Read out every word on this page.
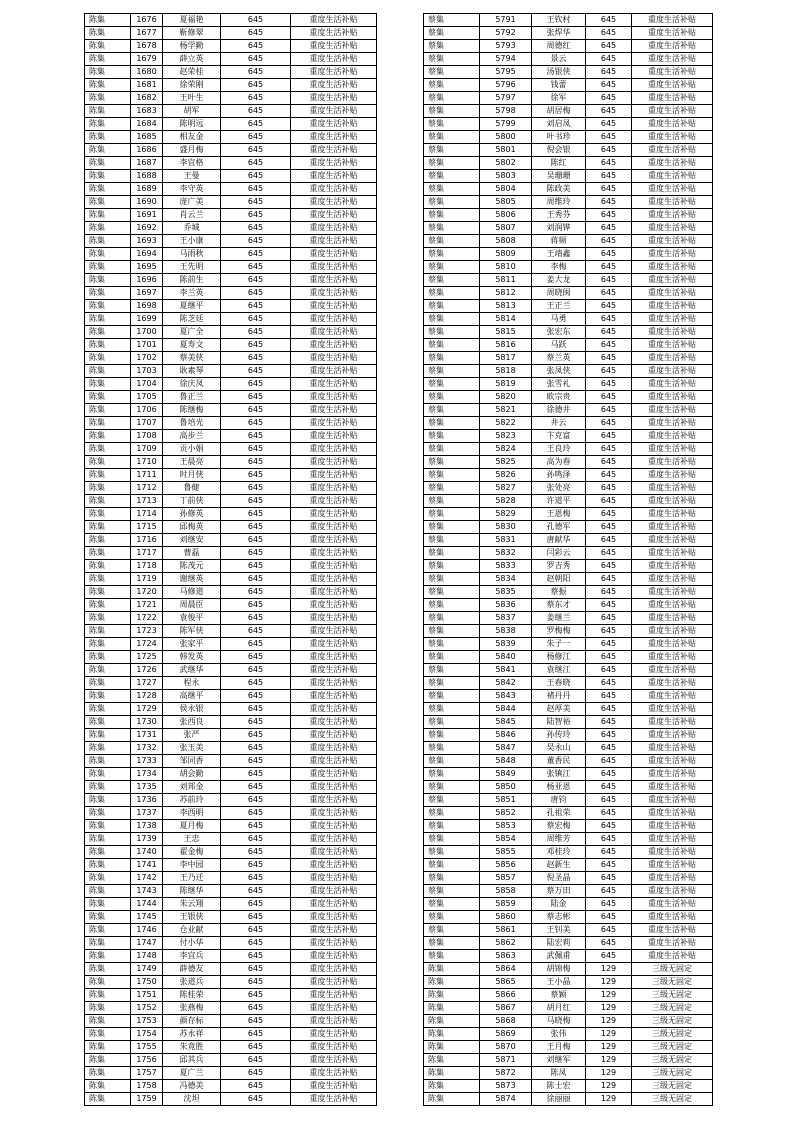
陈集	1676	夏福艳	645	重度生活补贴
陈集	1677	靳修翠	645	重度生活补贴
陈集	1678	杨学勤	645	重度生活补贴
陈集	1679	薛立英	645	重度生活补贴
陈集	1680	赵荣桂	645	重度生活补贴
陈集	1681	徐荣刚	645	重度生活补贴
陈集	1682	王叶生	645	重度生活补贴
陈集	1683	胡军	645	重度生活补贴
陈集	1684	陈明远	645	重度生活补贴
陈集	1685	相友金	645	重度生活补贴
陈集	1686	盛月梅	645	重度生活补贴
陈集	1687	李宜格	645	重度生活补贴
陈集	1688	王曼	645	重度生活补贴
陈集	1689	李守英	645	重度生活补贴
陈集	1690	庞广美	645	重度生活补贴
陈集	1691	肖云兰	645	重度生活补贴
陈集	1692	乔城	645	重度生活补贴
陈集	1693	王小康	645	重度生活补贴
陈集	1694	马雨秋	645	重度生活补贴
陈集	1695	王先明	645	重度生活补贴
陈集	1696	陈前生	645	重度生活补贴
陈集	1697	李兰英	645	重度生活补贴
陈集	1698	夏继平	645	重度生活补贴
陈集	1699	陈芝廷	645	重度生活补贴
陈集	1700	夏广全	645	重度生活补贴
陈集	1701	夏寿文	645	重度生活补贴
陈集	1702	蔡美侠	645	重度生活补贴
陈集	1703	耿素琴	645	重度生活补贴
陈集	1704	徐庆凤	645	重度生活补贴
陈集	1705	鲁正兰	645	重度生活补贴
陈集	1706	陈继梅	645	重度生活补贴
陈集	1707	鲁培光	645	重度生活补贴
陈集	1708	高步兰	645	重度生活补贴
陈集	1709	贡小娟	645	重度生活补贴
陈集	1710	王晨亮	645	重度生活补贴
陈集	1711	时月侠	645	重度生活补贴
陈集	1712	鲁健	645	重度生活补贴
陈集	1713	丁前侠	645	重度生活补贴
陈集	1714	孙修英	645	重度生活补贴
陈集	1715	邱梅英	645	重度生活补贴
陈集	1716	刘继安	645	重度生活补贴
陈集	1717	曹磊	645	重度生活补贴
陈集	1718	陈茂元	645	重度生活补贴
陈集	1719	谢继英	645	重度生活补贴
陈集	1720	马修道	645	重度生活补贴
陈集	1721	周晨臣	645	重度生活补贴
陈集	1722	袁俊平	645	重度生活补贴
陈集	1723	陈军侠	645	重度生活补贴
陈集	1724	张家平	645	重度生活补贴
陈集	1725	韩发英	645	重度生活补贴
陈集	1726	武继华	645	重度生活补贴
陈集	1727	程永	645	重度生活补贴
陈集	1728	高继平	645	重度生活补贴
陈集	1729	侯永银	645	重度生活补贴
陈集	1730	张西良	645	重度生活补贴
陈集	1731	张严	645	重度生活补贴
陈集	1732	张玉美	645	重度生活补贴
陈集	1733	邹同香	645	重度生活补贴
陈集	1734	胡会勤	645	重度生活补贴
陈集	1735	刘邦金	645	重度生活补贴
陈集	1736	苏前玲	645	重度生活补贴
陈集	1737	李西明	645	重度生活补贴
陈集	1738	夏月梅	645	重度生活补贴
陈集	1739	王忠	645	重度生活补贴
陈集	1740	翟金梅	645	重度生活补贴
陈集	1741	李中园	645	重度生活补贴
陈集	1742	王乃迁	645	重度生活补贴
陈集	1743	陈继华	645	重度生活补贴
陈集	1744	朱云翔	645	重度生活补贴
陈集	1745	王银侠	645	重度生活补贴
陈集	1746	仓业献	645	重度生活补贴
陈集	1747	付小华	645	重度生活补贴
陈集	1748	李宜兵	645	重度生活补贴
陈集	1749	薛德友	645	重度生活补贴
陈集	1750	张道兵	645	重度生活补贴
陈集	1751	陈桂荣	645	重度生活补贴
陈集	1752	张燕梅	645	重度生活补贴
陈集	1753	颜存标	645	重度生活补贴
陈集	1754	苏永祥	645	重度生活补贴
陈集	1755	朱竟胜	645	重度生活补贴
陈集	1756	邱其兵	645	重度生活补贴
陈集	1757	夏广兰	645	重度生活补贴
陈集	1758	冯德美	645	重度生活补贴
陈集	1759	沈坦	645	重度生活补贴
蔡集	5791	王钦村	645	重度生活补贴
蔡集	5792	张焊华	645	重度生活补贴
蔡集	5793	周德红	645	重度生活补贴
蔡集	5794	景云	645	重度生活补贴
蔡集	5795	汤银侠	645	重度生活补贴
蔡集	5796	钱蕾	645	重度生活补贴
蔡集	5797	徐军	645	重度生活补贴
蔡集	5798	胡居梅	645	重度生活补贴
蔡集	5799	刘启凤	645	重度生活补贴
蔡集	5800	叶书珍	645	重度生活补贴
蔡集	5801	倪会银	645	重度生活补贴
蔡集	5802	陈红	645	重度生活补贴
蔡集	5803	吴珊珊	645	重度生活补贴
蔡集	5804	陈政美	645	重度生活补贴
蔡集	5805	周维玲	645	重度生活补贴
蔡集	5806	王秀芬	645	重度生活补贴
蔡集	5807	刘润铧	645	重度生活补贴
蔡集	5808	蒋频	645	重度生活补贴
蔡集	5809	王靖鑫	645	重度生活补贴
蔡集	5810	李梅	645	重度生活补贴
蔡集	5811	姜大龙	645	重度生活补贴
蔡集	5812	周晓闽	645	重度生活补贴
蔡集	5813	王正兰	645	重度生活补贴
蔡集	5814	马勇	645	重度生活补贴
蔡集	5815	张宏东	645	重度生活补贴
蔡集	5816	马跃	645	重度生活补贴
蔡集	5817	蔡兰英	645	重度生活补贴
蔡集	5818	张凤侠	645	重度生活补贴
蔡集	5819	张雪礼	645	重度生活补贴
蔡集	5820	欧宗贵	645	重度生活补贴
蔡集	5821	徐德井	645	重度生活补贴
蔡集	5822	井云	645	重度生活补贴
蔡集	5823	卞克富	645	重度生活补贴
蔡集	5824	王良玲	645	重度生活补贴
蔡集	5825	高为春	645	重度生活补贴
蔡集	5826	孙鸣泽	645	重度生活补贴
蔡集	5827	张处亮	645	重度生活补贴
蔡集	5828	许道平	645	重度生活补贴
蔡集	5829	王恩梅	645	重度生活补贴
蔡集	5830	孔德军	645	重度生活补贴
蔡集	5831	唐献华	645	重度生活补贴
蔡集	5832	闫彩云	645	重度生活补贴
蔡集	5833	罗吉秀	645	重度生活补贴
蔡集	5834	赵朝阳	645	重度生活补贴
蔡集	5835	蔡振	645	重度生活补贴
蔡集	5836	蔡东才	645	重度生活补贴
蔡集	5837	姜继兰	645	重度生活补贴
蔡集	5838	罗梅梅	645	重度生活补贴
蔡集	5839	朱子一	645	重度生活补贴
蔡集	5840	杨修江	645	重度生活补贴
蔡集	5841	袁继江	645	重度生活补贴
蔡集	5842	王春晓	645	重度生活补贴
蔡集	5843	褚丹丹	645	重度生活补贴
蔡集	5844	赵厚美	645	重度生活补贴
蔡集	5845	陆智裕	645	重度生活补贴
蔡集	5846	孙传玲	645	重度生活补贴
蔡集	5847	吴永山	645	重度生活补贴
蔡集	5848	董香民	645	重度生活补贴
蔡集	5849	张镇江	645	重度生活补贴
蔡集	5850	杨亚恩	645	重度生活补贴
蔡集	5851	唐钧	645	重度生活补贴
蔡集	5852	孔祖荣	645	重度生活补贴
蔡集	5853	蔡宏梅	645	重度生活补贴
蔡集	5854	周维芳	645	重度生活补贴
蔡集	5855	邓桂玲	645	重度生活补贴
蔡集	5856	赵新生	645	重度生活补贴
蔡集	5857	倪圣晶	645	重度生活补贴
蔡集	5858	蔡万田	645	重度生活补贴
蔡集	5859	陆金	645	重度生活补贴
蔡集	5860	蔡志彬	645	重度生活补贴
蔡集	5861	王钊美	645	重度生活补贴
蔡集	5862	陆宏莉	645	重度生活补贴
蔡集	5863	武佩甫	645	重度生活补贴
陈集	5864	胡锦梅	129	三级无固定
陈集	5865	王小晶	129	三级无固定
陈集	5866	蔡颖	129	三级无固定
陈集	5867	胡月红	129	三级无固定
陈集	5868	马晓梅	129	三级无固定
陈集	5869	张伟	129	三级无固定
陈集	5870	王月梅	129	三级无固定
陈集	5871	刘继军	129	三级无固定
陈集	5872	陈凤	129	三级无固定
陈集	5873	陈士宏	129	三级无固定
陈集	5874	徐丽丽	129	三级无固定
